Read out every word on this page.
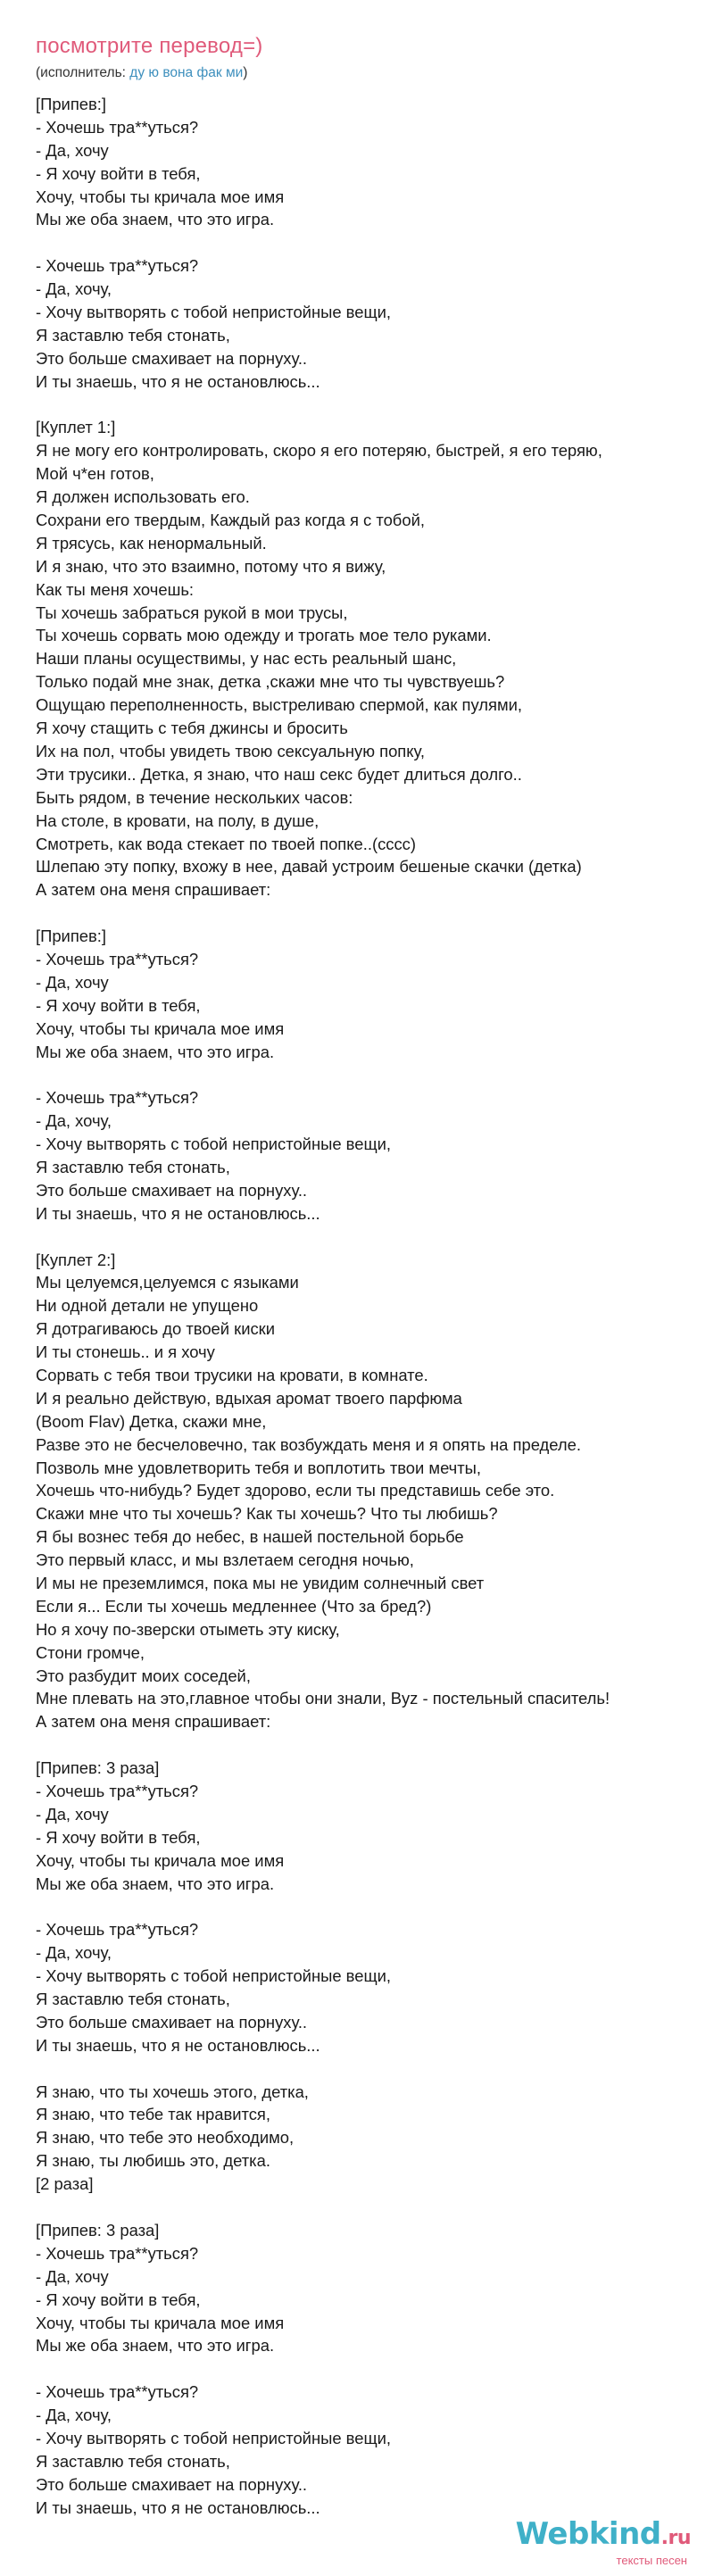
посмотрите перевод=)
(исполнитель: ду ю вона фак ми)
[Припев:]
- Хочешь тра**уться?
- Да, хочу
- Я хочу войти в тебя,
Хочу, чтобы ты кричала мое имя
Мы же оба знаем, что это игра.
- Хочешь тра**уться?
- Да, хочу,
- Хочу вытворять с тобой непристойные вещи,
Я заставлю тебя стонать,
Это больше смахивает на порнуху..
И ты знаешь, что я не остановлюсь...
[Куплет 1:]
Я не могу его контролировать, скоро я его потеряю, быстрей, я его теряю,
Мой ч*ен готов,
Я должен использовать его.
Сохрани его твердым, Каждый раз когда я с тобой,
Я трясусь, как ненормальный.
И я знаю, что это взаимно, потому что я вижу,
Как ты меня хочешь:
Ты хочешь забраться рукой в мои трусы,
Ты хочешь сорвать мою одежду и трогать мое тело руками.
Наши планы осуществимы, у нас есть реальный шанс,
Только подай мне знак, детка ,скажи мне что ты чувствуешь?
Ощущаю переполненность, выстреливаю спермой, как пулями,
Я хочу стащить с тебя джинсы и бросить
Их на пол, чтобы увидеть твою сексуальную попку,
Эти трусики.. Детка, я знаю, что наш секс будет длиться долго..
Быть рядом, в течение нескольких часов:
На столе, в кровати, на полу, в душе,
Смотреть, как вода стекает по твоей попке..(сссс)
Шлепаю эту попку, вхожу в нее, давай устроим бешеные скачки (детка)
А затем она меня спрашивает:
[Припев:]
- Хочешь тра**уться?
- Да, хочу
- Я хочу войти в тебя,
Хочу, чтобы ты кричала мое имя
Мы же оба знаем, что это игра.
- Хочешь тра**уться?
- Да, хочу,
- Хочу вытворять с тобой непристойные вещи,
Я заставлю тебя стонать,
Это больше смахивает на порнуху..
И ты знаешь, что я не остановлюсь...
[Куплет 2:]
Мы целуемся,целуемся с языками
Ни одной детали не упущено
Я дотрагиваюсь до твоей киски
И ты стонешь.. и я хочу
Сорвать с тебя твои трусики на кровати, в комнате.
И я реально действую, вдыхая аромат твоего парфюма
(Boom Flav) Детка, скажи мне,
Разве это не бесчеловечно, так возбуждать меня и я опять на пределе.
Позволь мне удовлетворить тебя и воплотить твои мечты,
Хочешь что-нибудь? Будет здорово, если ты представишь себе это.
Скажи мне что ты хочешь? Как ты хочешь? Что ты любишь?
Я бы вознес тебя до небес, в нашей постельной борьбе
Это первый класс, и мы взлетаем сегодня ночью,
И мы не преземлимся, пока мы не увидим солнечный свет
Если я... Если ты хочешь медленнее (Что за бред?)
Но я хочу по-зверски отыметь эту киску,
Стони громче,
Это разбудит моих соседей,
Мне плевать на это,главное чтобы они знали, Byz - постельный спаситель!
А затем она меня спрашивает:
[Припев: 3 раза]
- Хочешь тра**уться?
- Да, хочу
- Я хочу войти в тебя,
Хочу, чтобы ты кричала мое имя
Мы же оба знаем, что это игра.
- Хочешь тра**уться?
- Да, хочу,
- Хочу вытворять с тобой непристойные вещи,
Я заставлю тебя стонать,
Это больше смахивает на порнуху..
И ты знаешь, что я не остановлюсь...
Я знаю, что ты хочешь этого, детка,
Я знаю, что тебе так нравится,
Я знаю, что тебе это необходимо,
Я знаю, ты любишь это, детка.
[2 раза]
[Припев: 3 раза]
- Хочешь тра**уться?
- Да, хочу
- Я хочу войти в тебя,
Хочу, чтобы ты кричала мое имя
Мы же оба знаем, что это игра.
- Хочешь тра**уться?
- Да, хочу,
- Хочу вытворять с тобой непристойные вещи,
Я заставлю тебя стонать,
Это больше смахивает на порнуху..
И ты знаешь, что я не остановлюсь...
Webkind.ru
тексты песен
